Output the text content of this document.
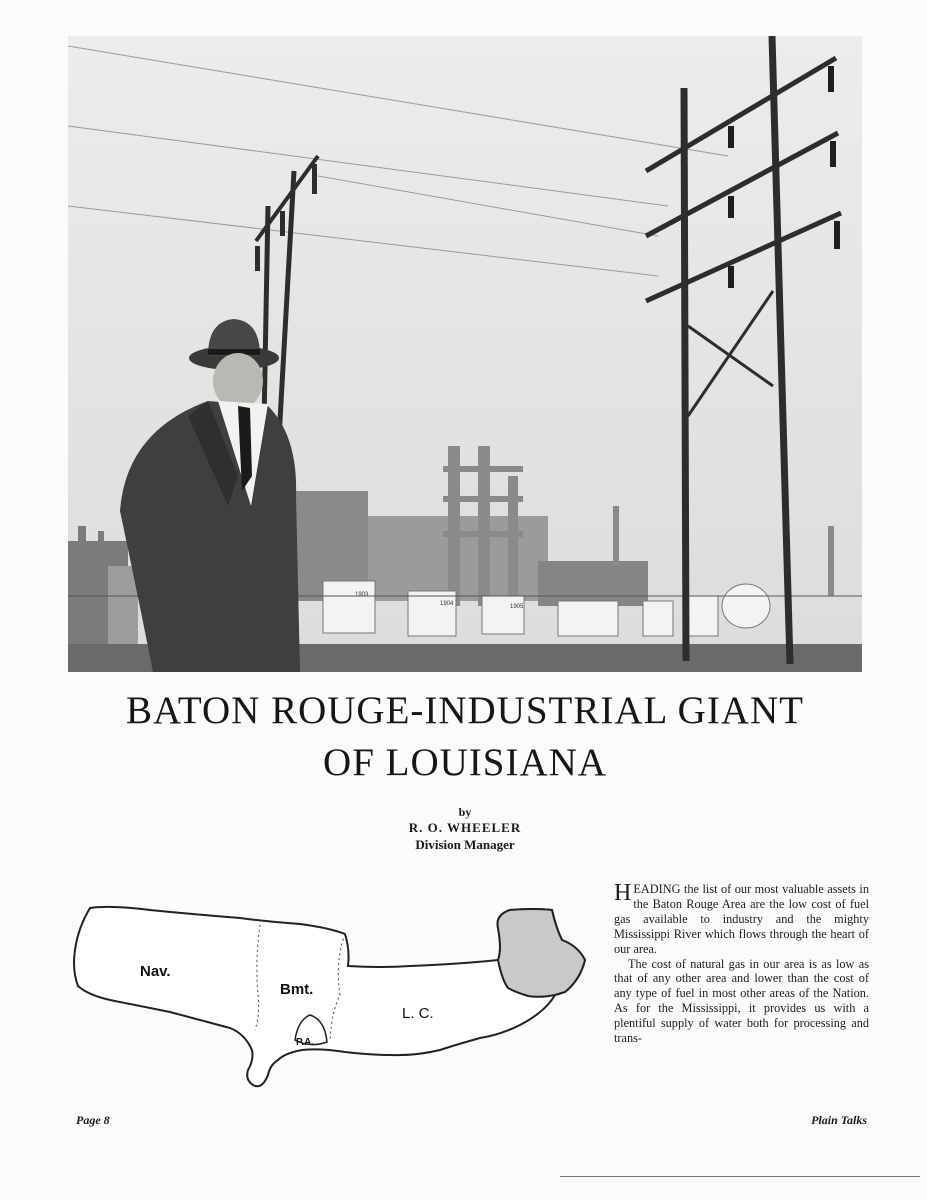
1903
1904	1905
BATON ROUGE-INDUSTRIAL GIANT
OF LOUISIANA
by
R. O. WHEELER
Division Manager
Nav.
Bmt.
L. C.
P.A.

HEADING the list of our most valuable assets in the Baton Rouge Area are the low cost of fuel gas available to industry and the mighty Mississippi River which flows through the heart of our area.

The cost of natural gas in our area is as low as that of any other area and lower than the cost of any type of fuel in most other areas of the Nation. As for the Mississippi, it provides us with a plentiful supply of water both for processing and trans-

Page 8	Plain Talks
